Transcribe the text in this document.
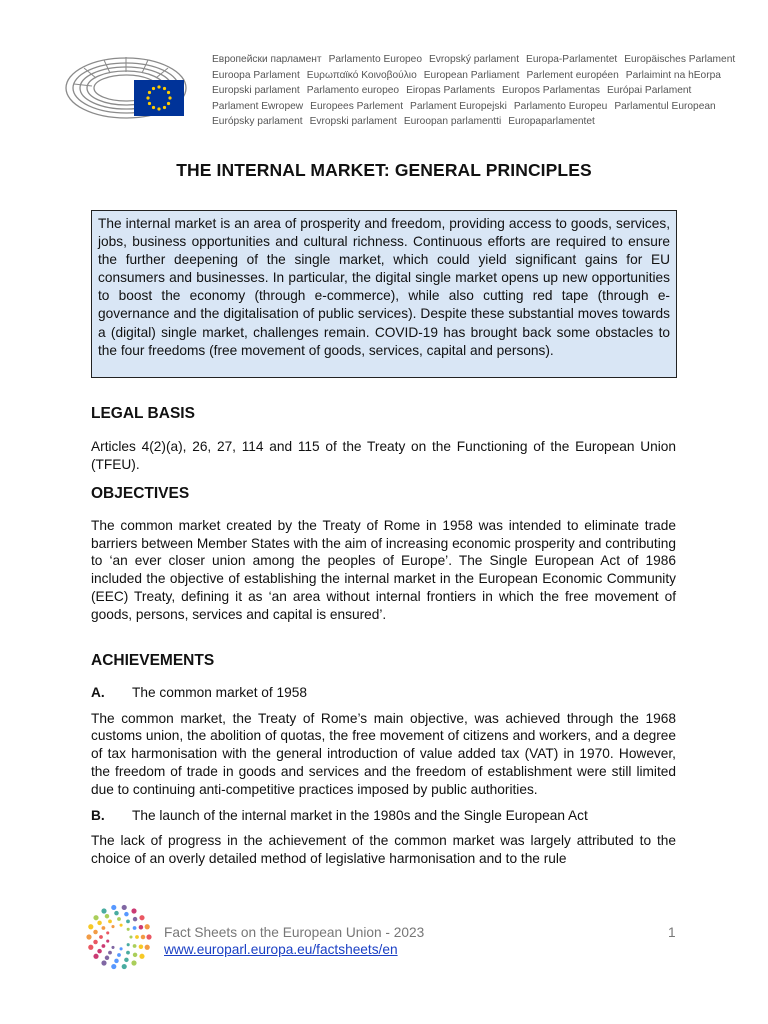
Европейски парламент Parlamento Europeo Evropský parlament Europa-Parlamentet Europäisches Parlament
Euroopa Parlament Ευρωπαϊκό Κοινοβούλιο European Parliament Parlement européen Parlaimint na hEorpa
Europski parlament Parlamento europeo Eiropas Parlaments Europos Parlamentas Európai Parlament
Parlament Ewropew Europees Parlement Parlament Europejski Parlamento Europeu Parlamentul European
Európsky parlament Evropski parlament Euroopan parlamentti Europaparlamentet
THE INTERNAL MARKET: GENERAL PRINCIPLES
The internal market is an area of prosperity and freedom, providing access to goods, services, jobs, business opportunities and cultural richness. Continuous efforts are required to ensure the further deepening of the single market, which could yield significant gains for EU consumers and businesses. In particular, the digital single market opens up new opportunities to boost the economy (through e-commerce), while also cutting red tape (through e-governance and the digitalisation of public services). Despite these substantial moves towards a (digital) single market, challenges remain. COVID-19 has brought back some obstacles to the four freedoms (free movement of goods, services, capital and persons).
LEGAL BASIS

Articles 4(2)(a), 26, 27, 114 and 115 of the Treaty on the Functioning of the European Union (TFEU).

OBJECTIVES

The common market created by the Treaty of Rome in 1958 was intended to eliminate trade barriers between Member States with the aim of increasing economic prosperity and contributing to ‘an ever closer union among the peoples of Europe’. The Single European Act of 1986 included the objective of establishing the internal market in the European Economic Community (EEC) Treaty, defining it as ‘an area without internal frontiers in which the free movement of goods, persons, services and capital is ensured’.

ACHIEVEMENTS
A.	The common market of 1958

The common market, the Treaty of Rome’s main objective, was achieved through the 1968 customs union, the abolition of quotas, the free movement of citizens and workers, and a degree of tax harmonisation with the general introduction of value added tax (VAT) in 1970. However, the freedom of trade in goods and services and the freedom of establishment were still limited due to continuing anti-competitive practices imposed by public authorities.

B.	The launch of the internal market in the 1980s and the Single European Act

The lack of progress in the achievement of the common market was largely attributed to the choice of an overly detailed method of legislative harmonisation and to the rule

Fact Sheets on the European Union - 2023
www.europarl.europa.eu/factsheets/en
1
